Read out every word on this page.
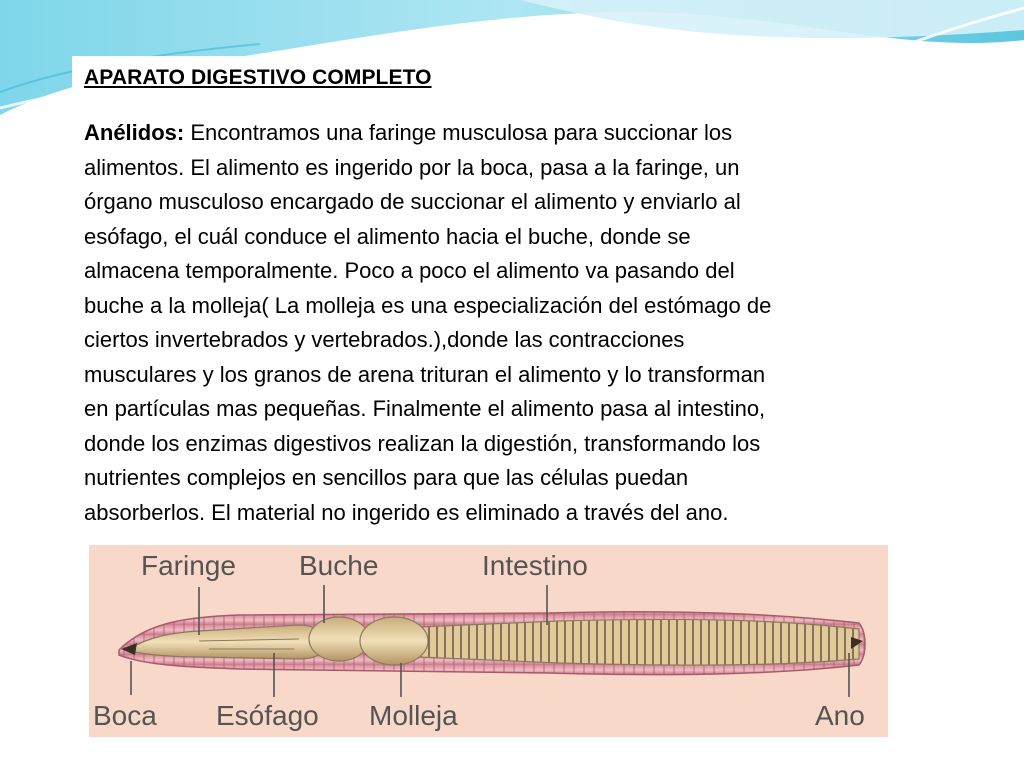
APARATO DIGESTIVO COMPLETO

Anélidos: Encontramos una faringe musculosa para succionar los
alimentos. El alimento es ingerido por la boca, pasa a la faringe, un
órgano musculoso encargado de succionar el alimento y enviarlo al
esófago, el cuál conduce el alimento hacia el buche, donde se
almacena temporalmente. Poco a poco el alimento va pasando del
buche a la molleja( La molleja es una especialización del estómago de
ciertos invertebrados y vertebrados.),donde las contracciones
musculares y los granos de arena trituran el alimento y lo transforman
en partículas mas pequeñas. Finalmente el alimento pasa al intestino,
donde los enzimas digestivos realizan la digestión, transformando los
nutrientes complejos en sencillos para que las células puedan
absorberlos. El material no ingerido es eliminado a través del ano.

Faringe Buche	Intestino
Boca Esófago Molleja	Ano
